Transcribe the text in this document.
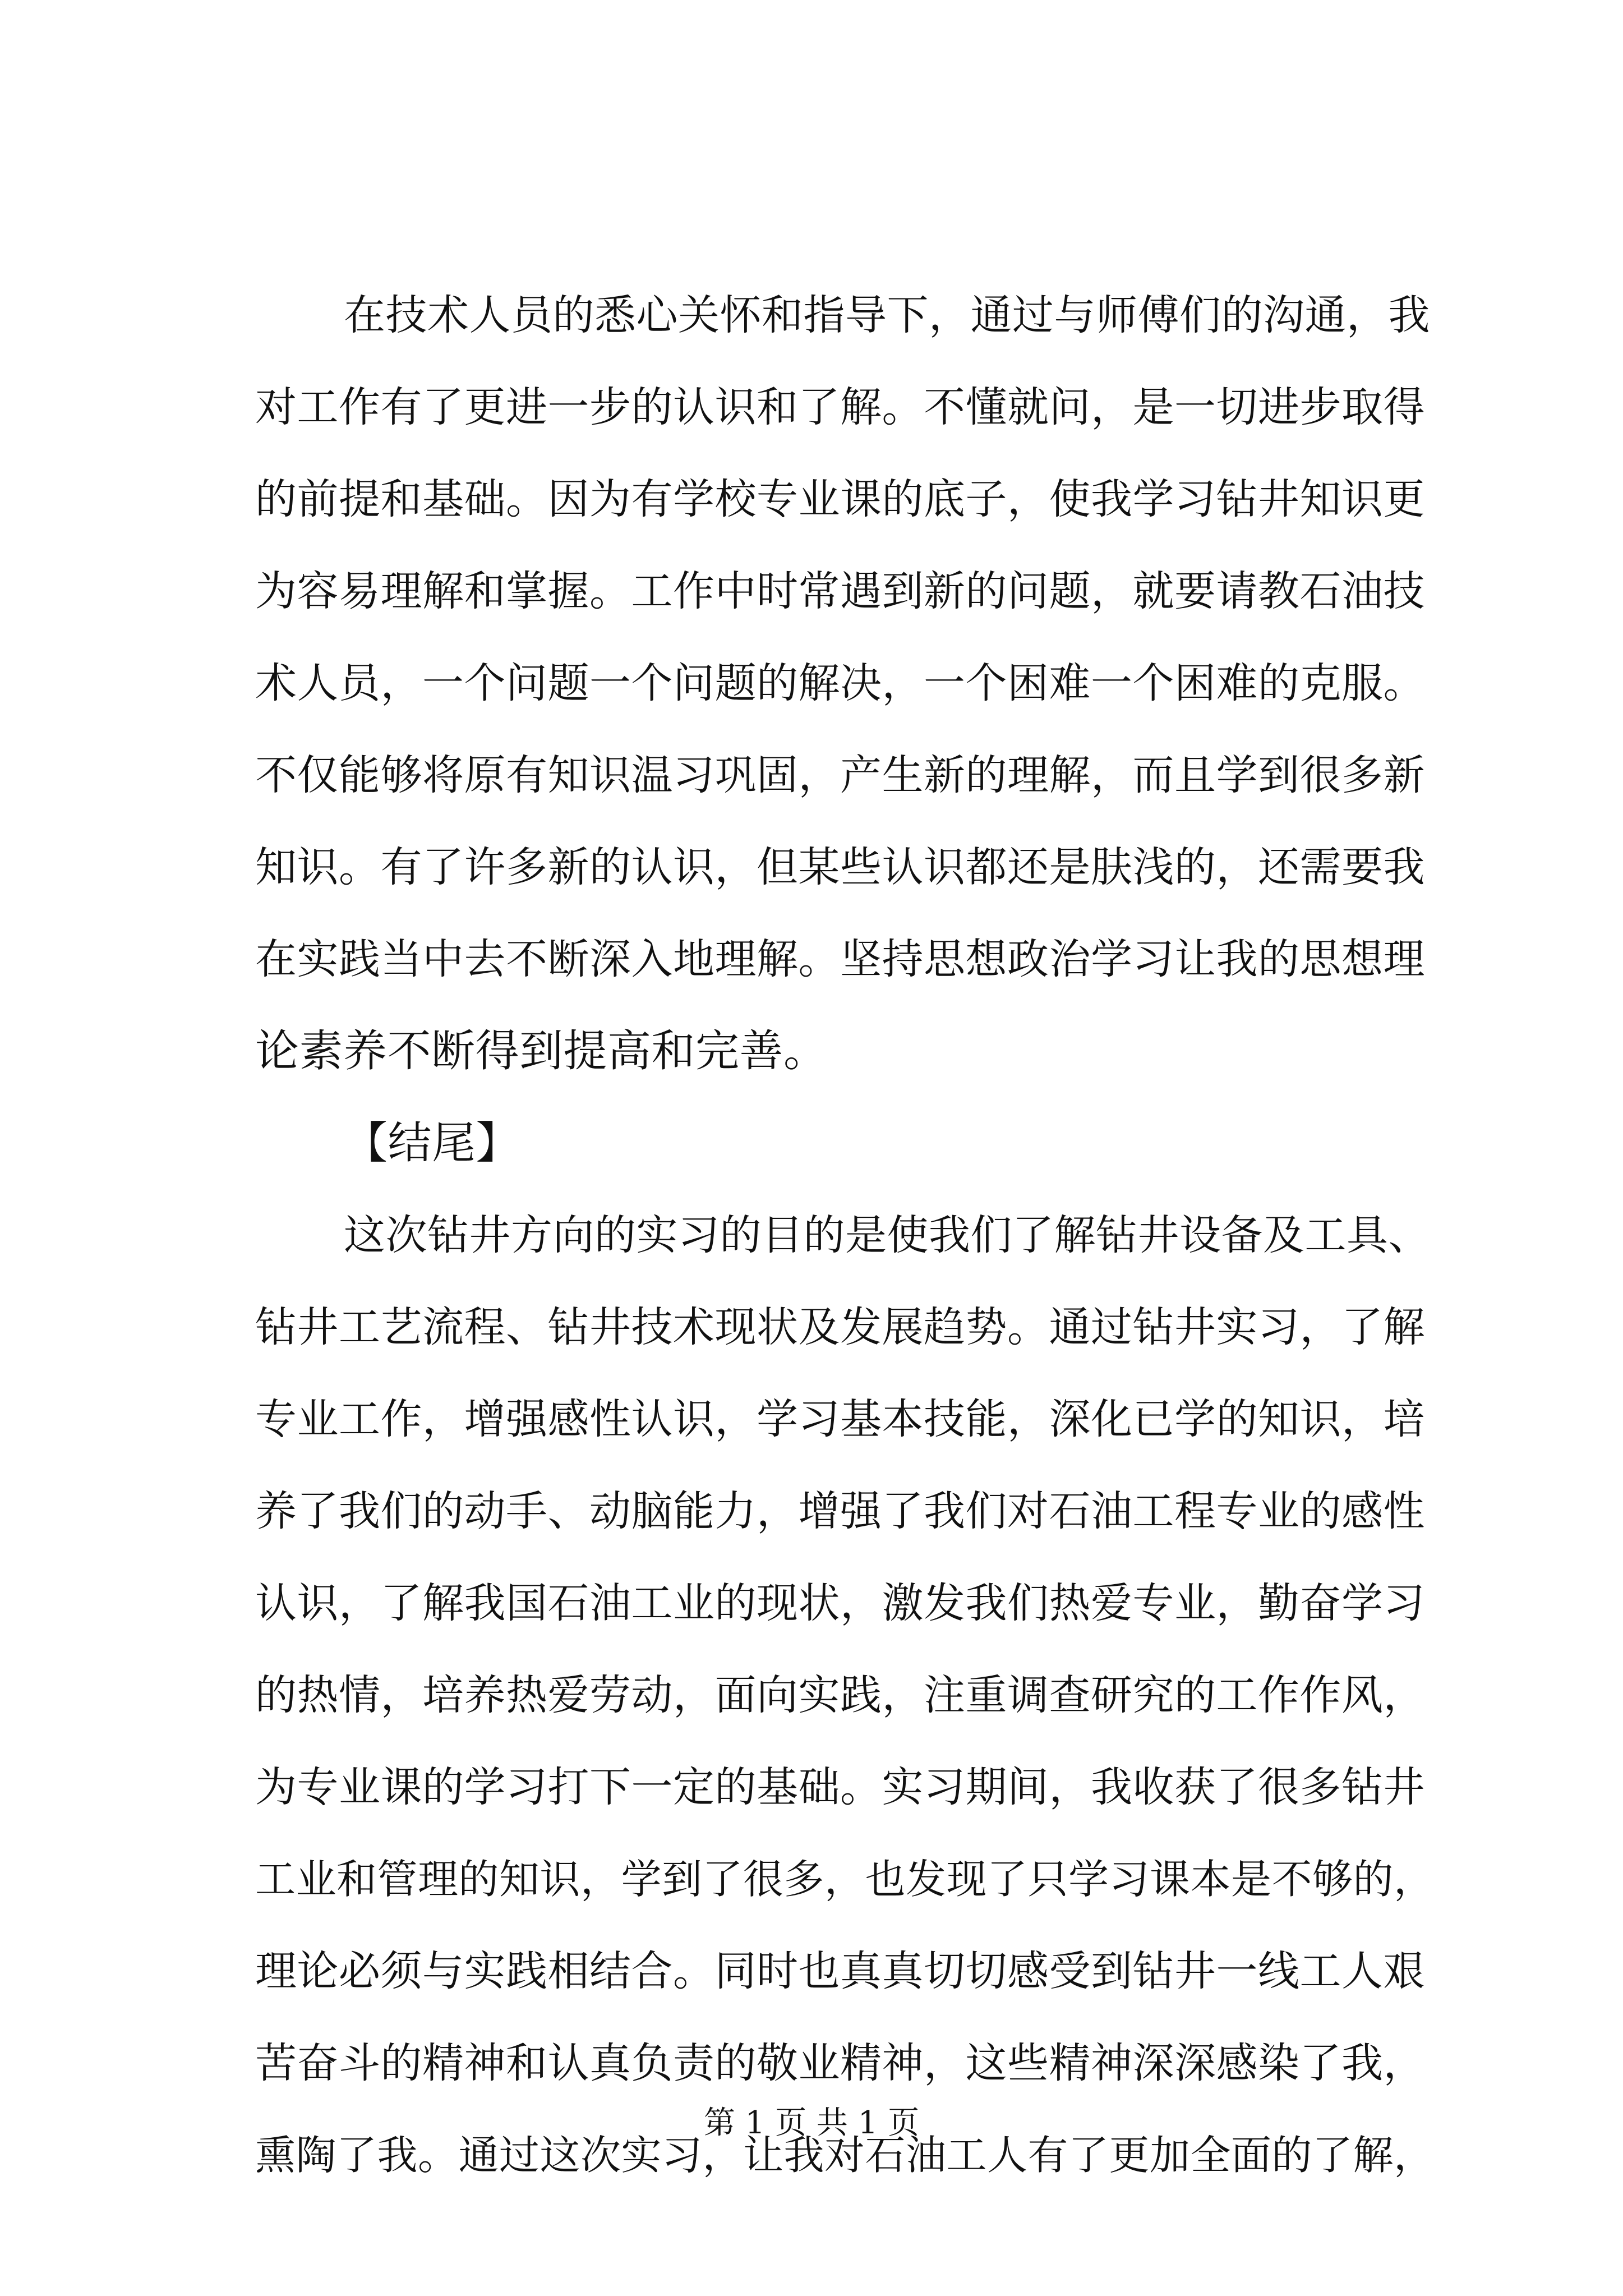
在技术人员的悉心关怀和指导下，通过与师傅们的沟通，我
对工作有了更进一步的认识和了解。不懂就问，是一切进步取得
的前提和基础。因为有学校专业课的底子，使我学习钻井知识更
为容易理解和掌握。工作中时常遇到新的问题，就要请教石油技
术人员，一个问题一个问题的解决，一个困难一个困难的克服。
不仅能够将原有知识温习巩固，产生新的理解，而且学到很多新
知识。有了许多新的认识，但某些认识都还是肤浅的，还需要我
在实践当中去不断深入地理解。坚持思想政治学习让我的思想理
论素养不断得到提高和完善。
【结尾】
这次钻井方向的实习的目的是使我们了解钻井设备及工具、
钻井工艺流程、钻井技术现状及发展趋势。通过钻井实习，了解
专业工作，增强感性认识，学习基本技能，深化已学的知识，培
养了我们的动手、动脑能力，增强了我们对石油工程专业的感性
认识，了解我国石油工业的现状，激发我们热爱专业，勤奋学习
的热情，培养热爱劳动，面向实践，注重调查研究的工作作风，
为专业课的学习打下一定的基础。实习期间，我收获了很多钻井
工业和管理的知识，学到了很多，也发现了只学习课本是不够的，
理论必须与实践相结合。同时也真真切切感受到钻井一线工人艰
苦奋斗的精神和认真负责的敬业精神，这些精神深深感染了我，
熏陶了我。通过这次实习，让我对石油工人有了更加全面的了解，
第 1 页 共 1 页
